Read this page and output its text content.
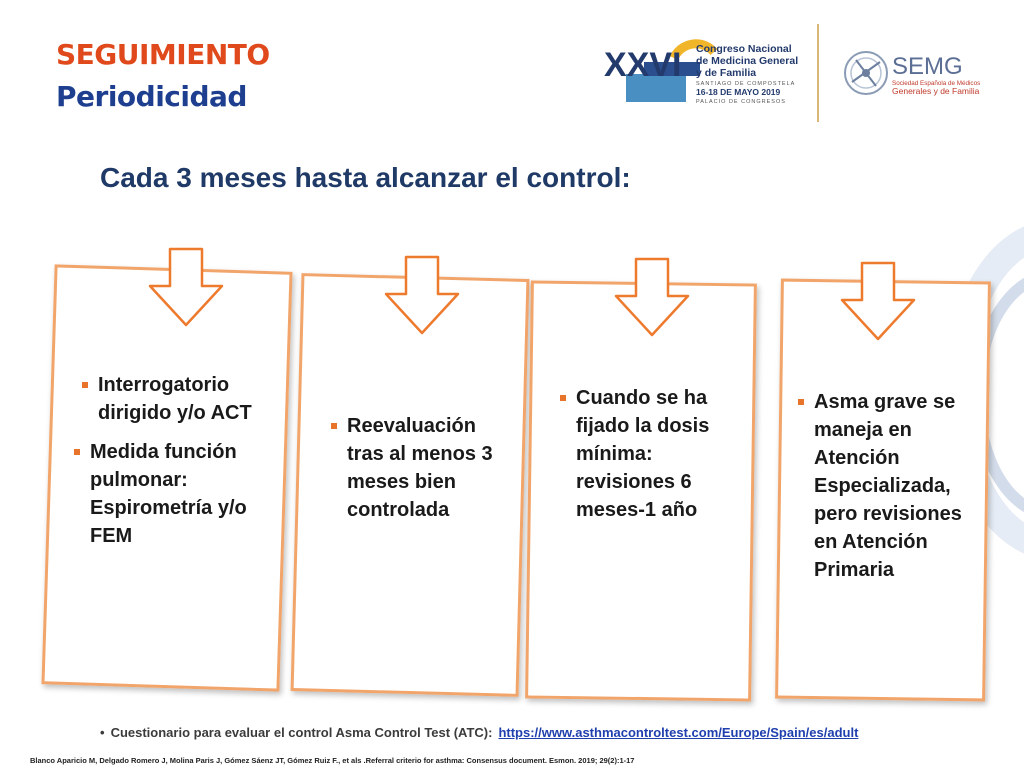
SEGUIMIENTO
Periodicidad
XXVI Congreso Nacional
de Medicina General
y de Familia
SANTIAGO DE COMPOSTELA
16-18 DE MAYO 2019
PALACIO DE CONGRESOS
SEMG
Sociedad Española de Médicos
Generales y de Familia
Cada 3 meses hasta alcanzar el control:
Interrogatorio dirigido y/o ACT
Medida función pulmonar: Espirometría y/o FEM
Reevaluación tras al menos 3 meses bien controlada
Cuando se ha fijado la dosis mínima: revisiones 6 meses-1 año
Asma grave se maneja en Atención Especializada, pero revisiones en Atención Primaria
• Cuestionario para evaluar el control Asma Control Test (ATC): https://www.asthmacontroltest.com/Europe/Spain/es/adult
Blanco Aparicio M, Delgado Romero J, Molina Paris J, Gómez Sáenz JT, Gómez Ruiz F., et als .Referral criterio for asthma: Consensus document. Esmon. 2019; 29(2):1-17
